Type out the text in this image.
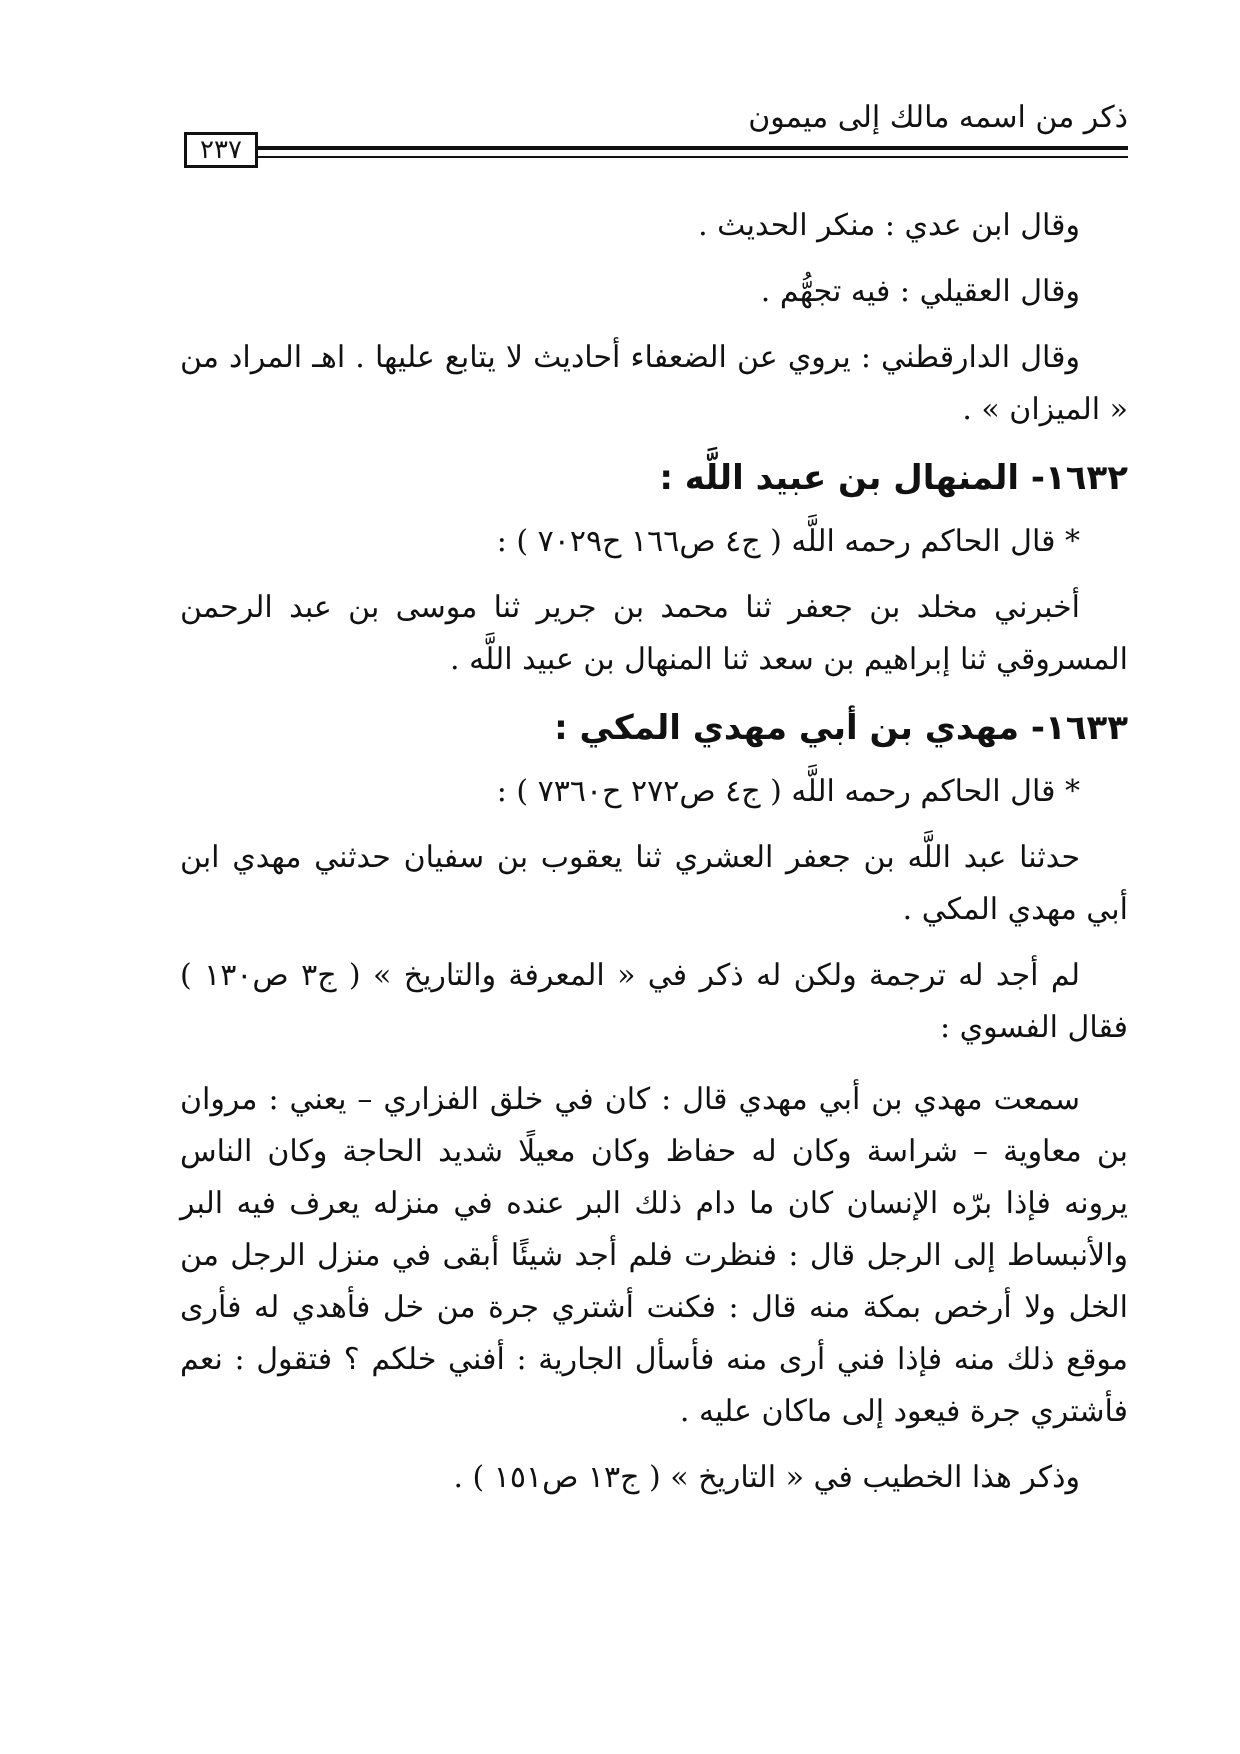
ذكر من اسمه مالك إلى ميمون
٢٣٧

وقال ابن عدي : منكر الحديث .

وقال العقيلي : فيه تجهُّم .

وقال الدارقطني : يروي عن الضعفاء أحاديث لا يتابع عليها . اهـ المراد من « الميزان » .

١٦٣٢- المنهال بن عبيد اللَّه :

* قال الحاكم رحمه اللَّه ( ج٤ ص١٦٦ ح٧٠٢٩ ) :

أخبرني مخلد بن جعفر ثنا محمد بن جرير ثنا موسى بن عبد الرحمن المسروقي ثنا إبراهيم بن سعد ثنا المنهال بن عبيد اللَّه .

١٦٣٣- مهدي بن أبي مهدي المكي :

* قال الحاكم رحمه اللَّه ( ج٤ ص٢٧٢ ح٧٣٦٠ ) :

حدثنا عبد اللَّه بن جعفر العشري ثنا يعقوب بن سفيان حدثني مهدي ابن أبي مهدي المكي .

لم أجد له ترجمة ولكن له ذكر في « المعرفة والتاريخ » ( ج٣ ص١٣٠ ) فقال الفسوي :

سمعت مهدي بن أبي مهدي قال : كان في خلق الفزاري – يعني : مروان بن معاوية – شراسة وكان له حفاظ وكان معيلًا شديد الحاجة وكان الناس يرونه فإذا برّه الإنسان كان ما دام ذلك البر عنده في منزله يعرف فيه البر والأنبساط إلى الرجل قال : فنظرت فلم أجد شيئًا أبقى في منزل الرجل من الخل ولا أرخص بمكة منه قال : فكنت أشتري جرة من خل فأهدي له فأرى موقع ذلك منه فإذا فني أرى منه فأسأل الجارية : أفني خلكم ؟ فتقول : نعم فأشتري جرة فيعود إلى ماكان عليه .

وذكر هذا الخطيب في « التاريخ » ( ج١٣ ص١٥١ ) .
